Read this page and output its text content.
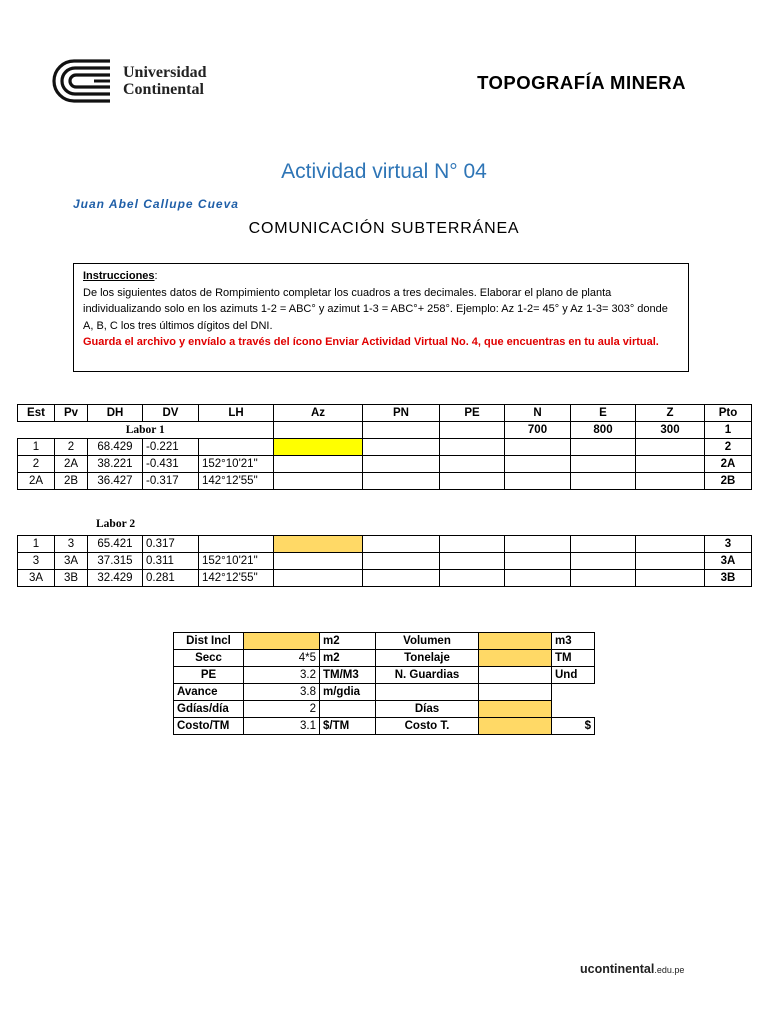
Universidad
Continental	TOPOGRAFÍA MINERA
Actividad virtual N° 04
Juan Abel Callupe Cueva
COMUNICACIÓN SUBTERRÁNEA
Instrucciones:
De los siguientes datos de Rompimiento completar los cuadros a tres decimales. Elaborar el plano de planta individualizando solo en los azimuts 1-2 = ABC° y azimut 1-3 = ABC°+ 258°. Ejemplo: Az 1-2= 45° y Az 1-3= 303° donde A, B, C los tres últimos dígitos del DNI.
Guarda el archivo y envíalo a través del ícono Enviar Actividad Virtual No. 4, que encuentras en tu aula virtual.
Est	Pv	DH	DV	LH	Az	PN	PE	N	E	Z	Pto
Labor 1								700	800	300	1
1	2	68.429	-0.221								2
2	2A	38.221	-0.431	152°10'21"							2A
2A	2B	36.427	-0.317	142°12'55"							2B
Labor 2
1	3	65.421	0.317								3
3	3A	37.315	0.311	152°10'21"							3A
3A	3B	32.429	0.281	142°12'55"							3B
Dist Incl		m2	Volumen		m3
Secc	4*5	m2	Tonelaje		TM
PE	3.2	TM/M3	N. Guardias		Und
Avance	3.8	m/gdia			
Gdías/día	2		Días		
Costo/TM	3.1	$/TM	Costo T.		$
ucontinental.edu.pe
